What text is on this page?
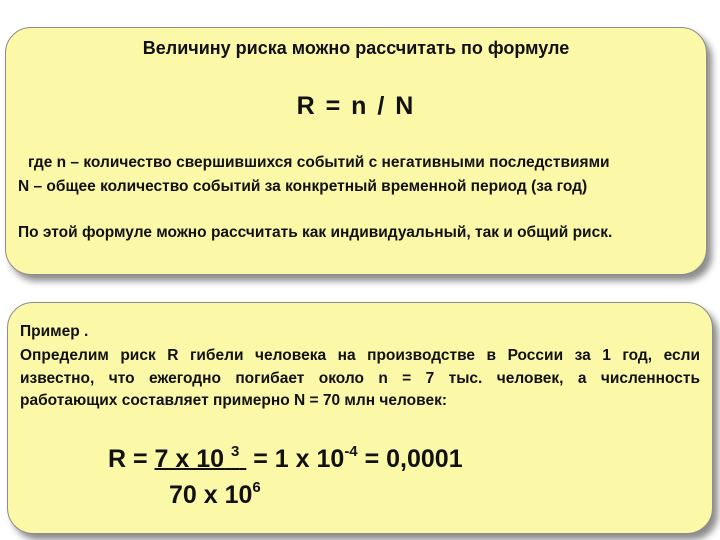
Величину риска можно рассчитать по формуле
R = n / N
где n – количество свершившихся событий с негативными последствиями
N – общее количество событий за конкретный временной период (за год)
По этой формуле можно рассчитать как индивидуальный, так и общий риск.
Пример .
Определим риск R гибели человека на производстве в России за 1 год, если
известно, что ежегодно погибает около n = 7 тыс. человек, а численность
работающих составляет примерно N = 70 млн человек:
R = 7 x 10 $^3$  = 1 x $10^{-4} = 0,0001$
70 x $10^6$
